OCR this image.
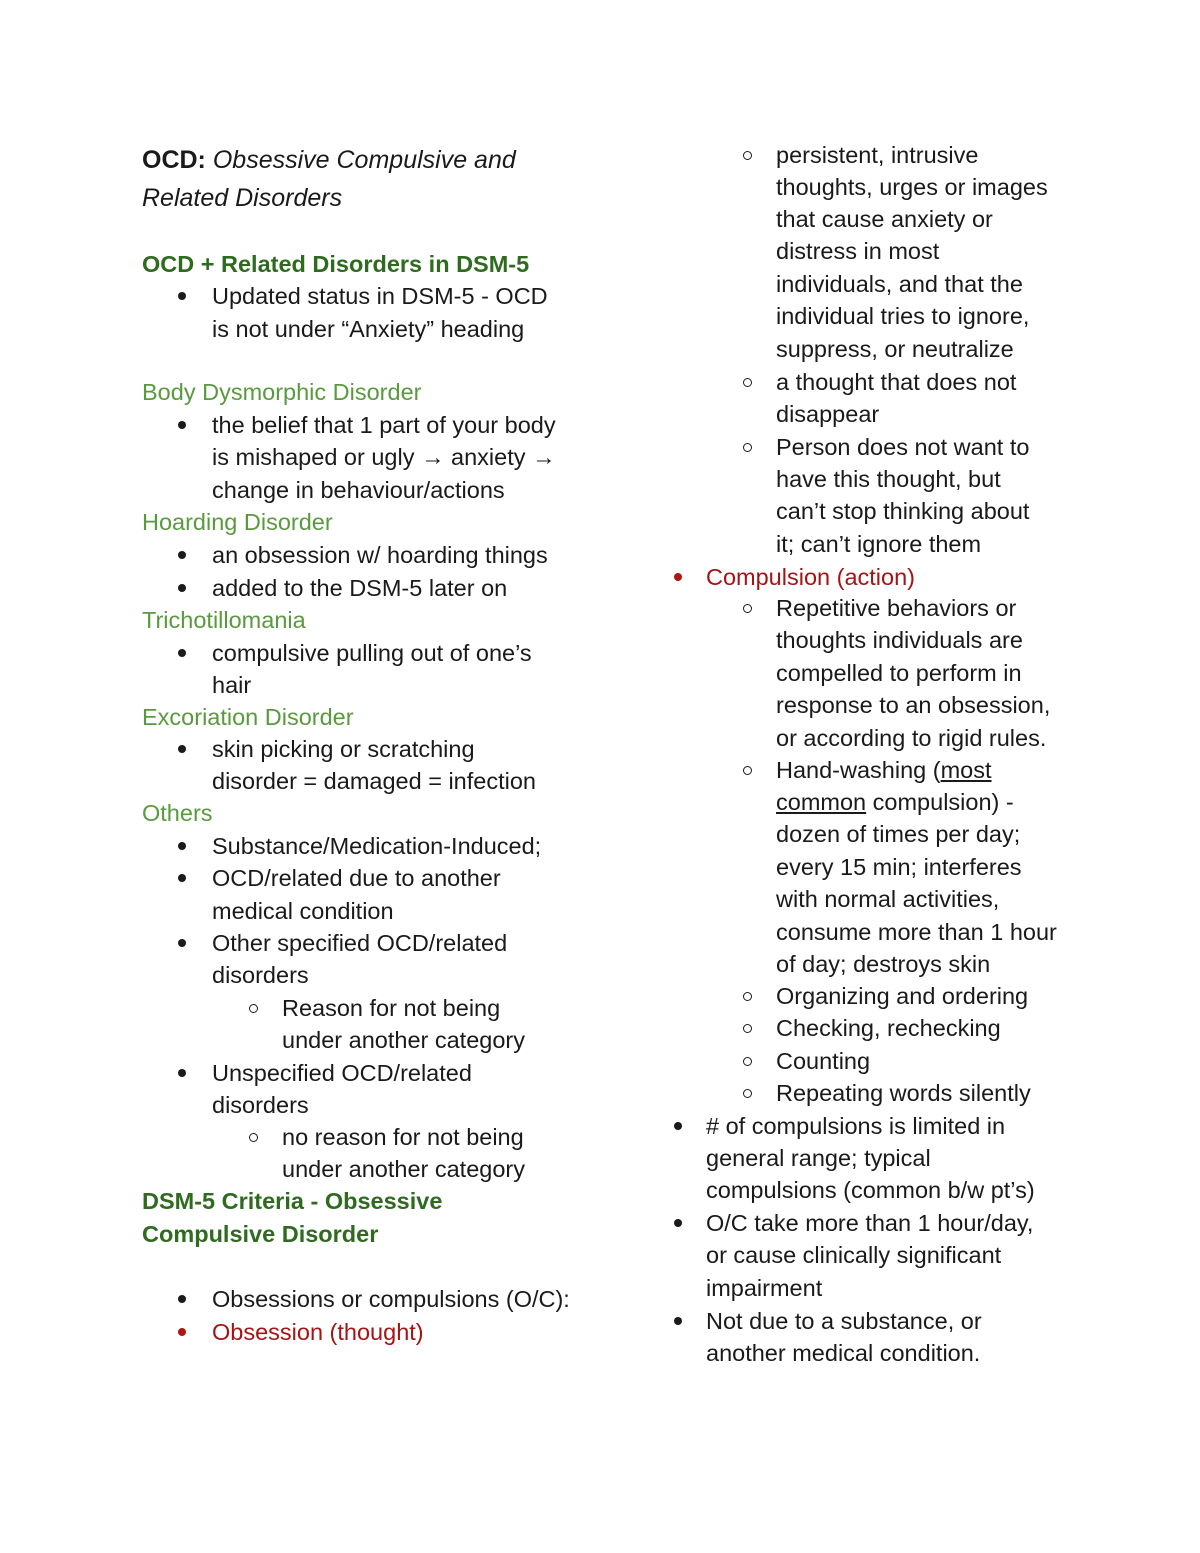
OCD: Obsessive Compulsive and
Related Disorders
OCD + Related Disorders in DSM-5
Updated status in DSM-5 - OCD
is not under “Anxiety” heading
Body Dysmorphic Disorder
the belief that 1 part of your body
is mishaped or ugly → anxiety →
change in behaviour/actions
Hoarding Disorder
an obsession w/ hoarding things
added to the DSM-5 later on
Trichotillomania
compulsive pulling out of one’s
hair
Excoriation Disorder
skin picking or scratching
disorder = damaged = infection
Others
Substance/Medication-Induced;
OCD/related due to another
medical condition
Other specified OCD/related
disorders
Reason for not being
under another category
Unspecified OCD/related
disorders
no reason for not being
under another category
DSM-5 Criteria - Obsessive
Compulsive Disorder
Obsessions or compulsions (O/C):
Obsession (thought)
persistent, intrusive
thoughts, urges or images
that cause anxiety or
distress in most
individuals, and that the
individual tries to ignore,
suppress, or neutralize
a thought that does not
disappear
Person does not want to
have this thought, but
can’t stop thinking about
it; can’t ignore them
Compulsion (action)
Repetitive behaviors or
thoughts individuals are
compelled to perform in
response to an obsession,
or according to rigid rules.
Hand-washing (most
common compulsion) -
dozen of times per day;
every 15 min; interferes
with normal activities,
consume more than 1 hour
of day; destroys skin
Organizing and ordering
Checking, rechecking
Counting
Repeating words silently
# of compulsions is limited in
general range; typical
compulsions (common b/w pt’s)
O/C take more than 1 hour/day,
or cause clinically significant
impairment
Not due to a substance, or
another medical condition.
